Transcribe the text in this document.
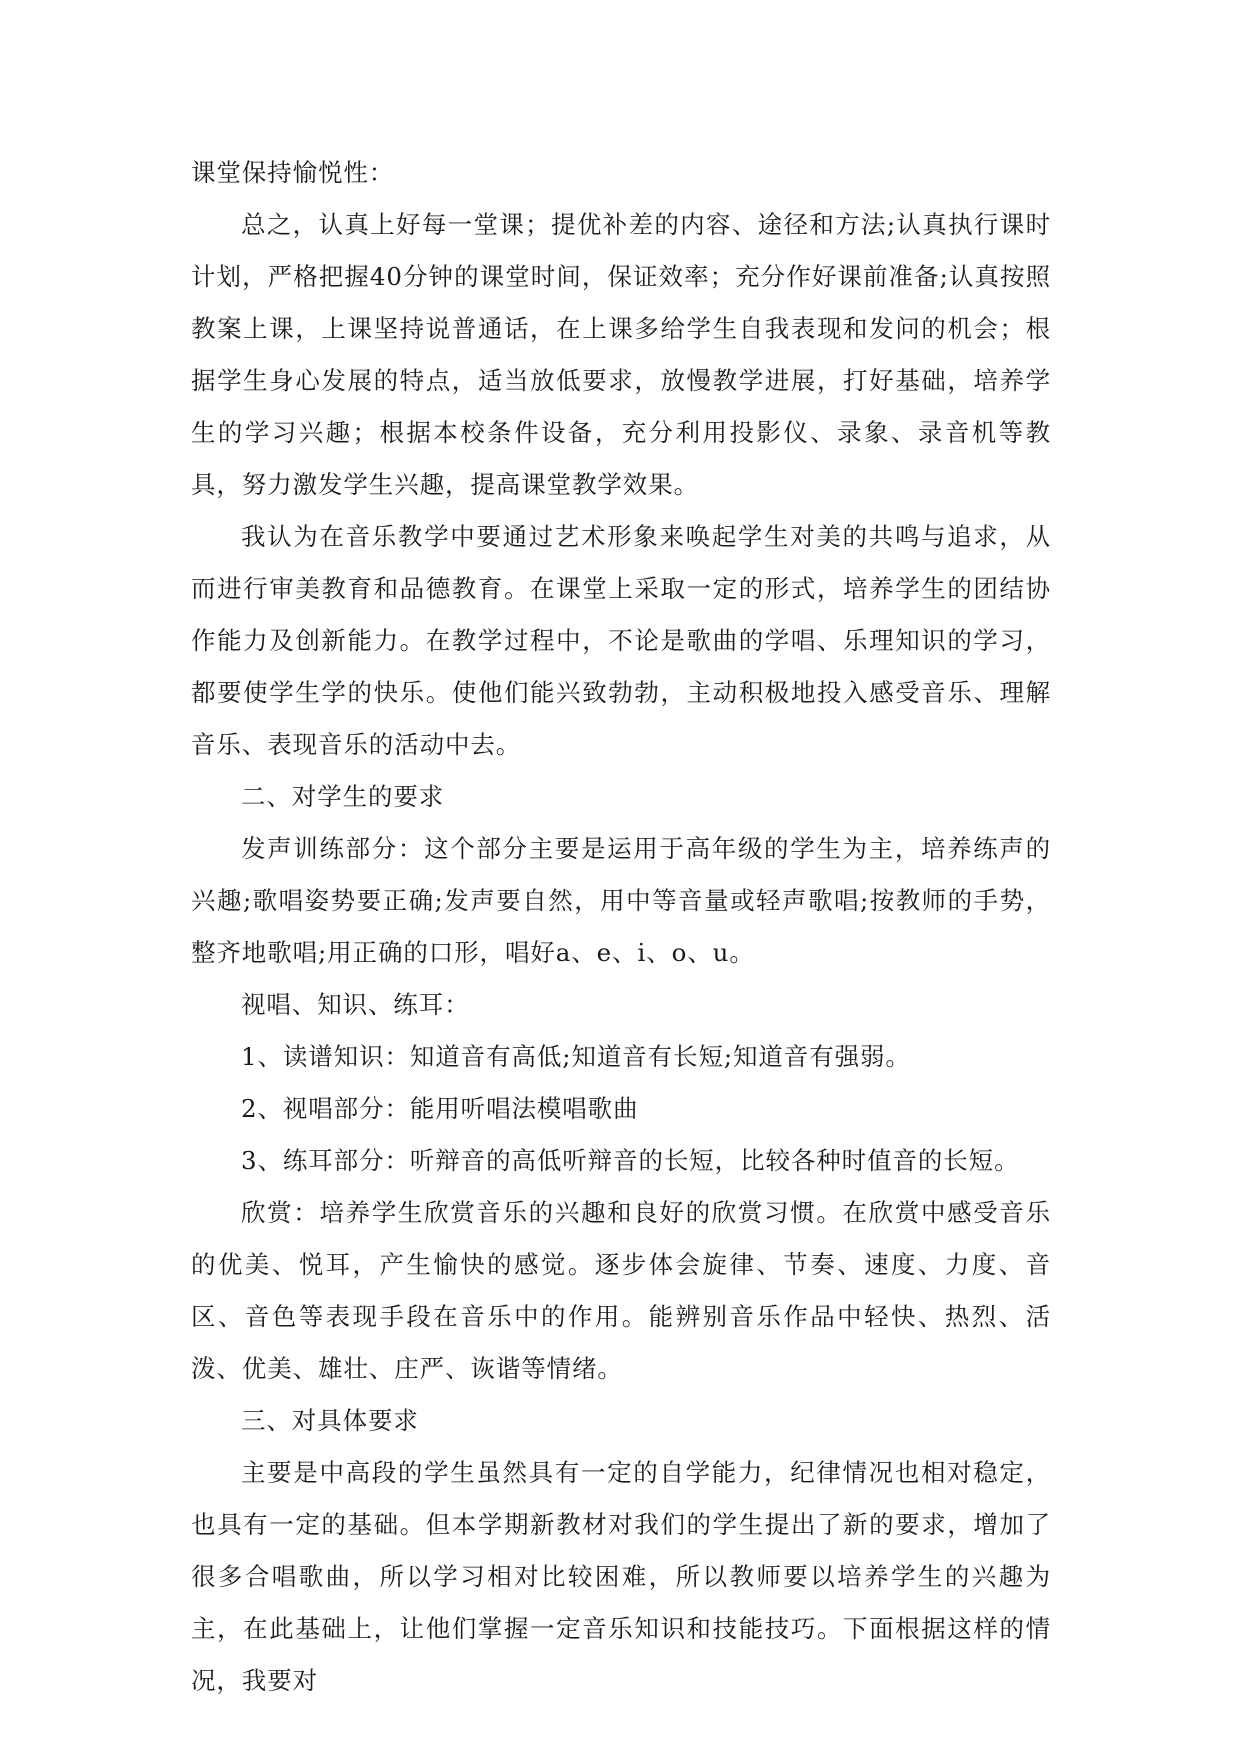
课堂保持愉悦性：

总之，认真上好每一堂课；提优补差的内容、途径和方法;认真执行课时计划，严格把握40分钟的课堂时间，保证效率；充分作好课前准备;认真按照教案上课，上课坚持说普通话，在上课多给学生自我表现和发问的机会；根据学生身心发展的特点，适当放低要求，放慢教学进展，打好基础，培养学生的学习兴趣；根据本校条件设备，充分利用投影仪、录象、录音机等教具，努力激发学生兴趣，提高课堂教学效果。

我认为在音乐教学中要通过艺术形象来唤起学生对美的共鸣与追求，从而进行审美教育和品德教育。在课堂上采取一定的形式，培养学生的团结协作能力及创新能力。在教学过程中，不论是歌曲的学唱、乐理知识的学习，都要使学生学的快乐。使他们能兴致勃勃，主动积极地投入感受音乐、理解音乐、表现音乐的活动中去。

二、对学生的要求

发声训练部分：这个部分主要是运用于高年级的学生为主，培养练声的兴趣;歌唱姿势要正确;发声要自然，用中等音量或轻声歌唱;按教师的手势，整齐地歌唱;用正确的口形，唱好a、e、i、o、u。

视唱、知识、练耳：

1、读谱知识：知道音有高低;知道音有长短;知道音有强弱。

2、视唱部分：能用听唱法模唱歌曲

3、练耳部分：听辩音的高低听辩音的长短，比较各种时值音的长短。

欣赏：培养学生欣赏音乐的兴趣和良好的欣赏习惯。在欣赏中感受音乐的优美、悦耳，产生愉快的感觉。逐步体会旋律、节奏、速度、力度、音区、音色等表现手段在音乐中的作用。能辨别音乐作品中轻快、热烈、活泼、优美、雄壮、庄严、诙谐等情绪。

三、对具体要求

主要是中高段的学生虽然具有一定的自学能力，纪律情况也相对稳定，也具有一定的基础。但本学期新教材对我们的学生提出了新的要求，增加了很多合唱歌曲，所以学习相对比较困难，所以教师要以培养学生的兴趣为主，在此基础上，让他们掌握一定音乐知识和技能技巧。下面根据这样的情况，我要对
